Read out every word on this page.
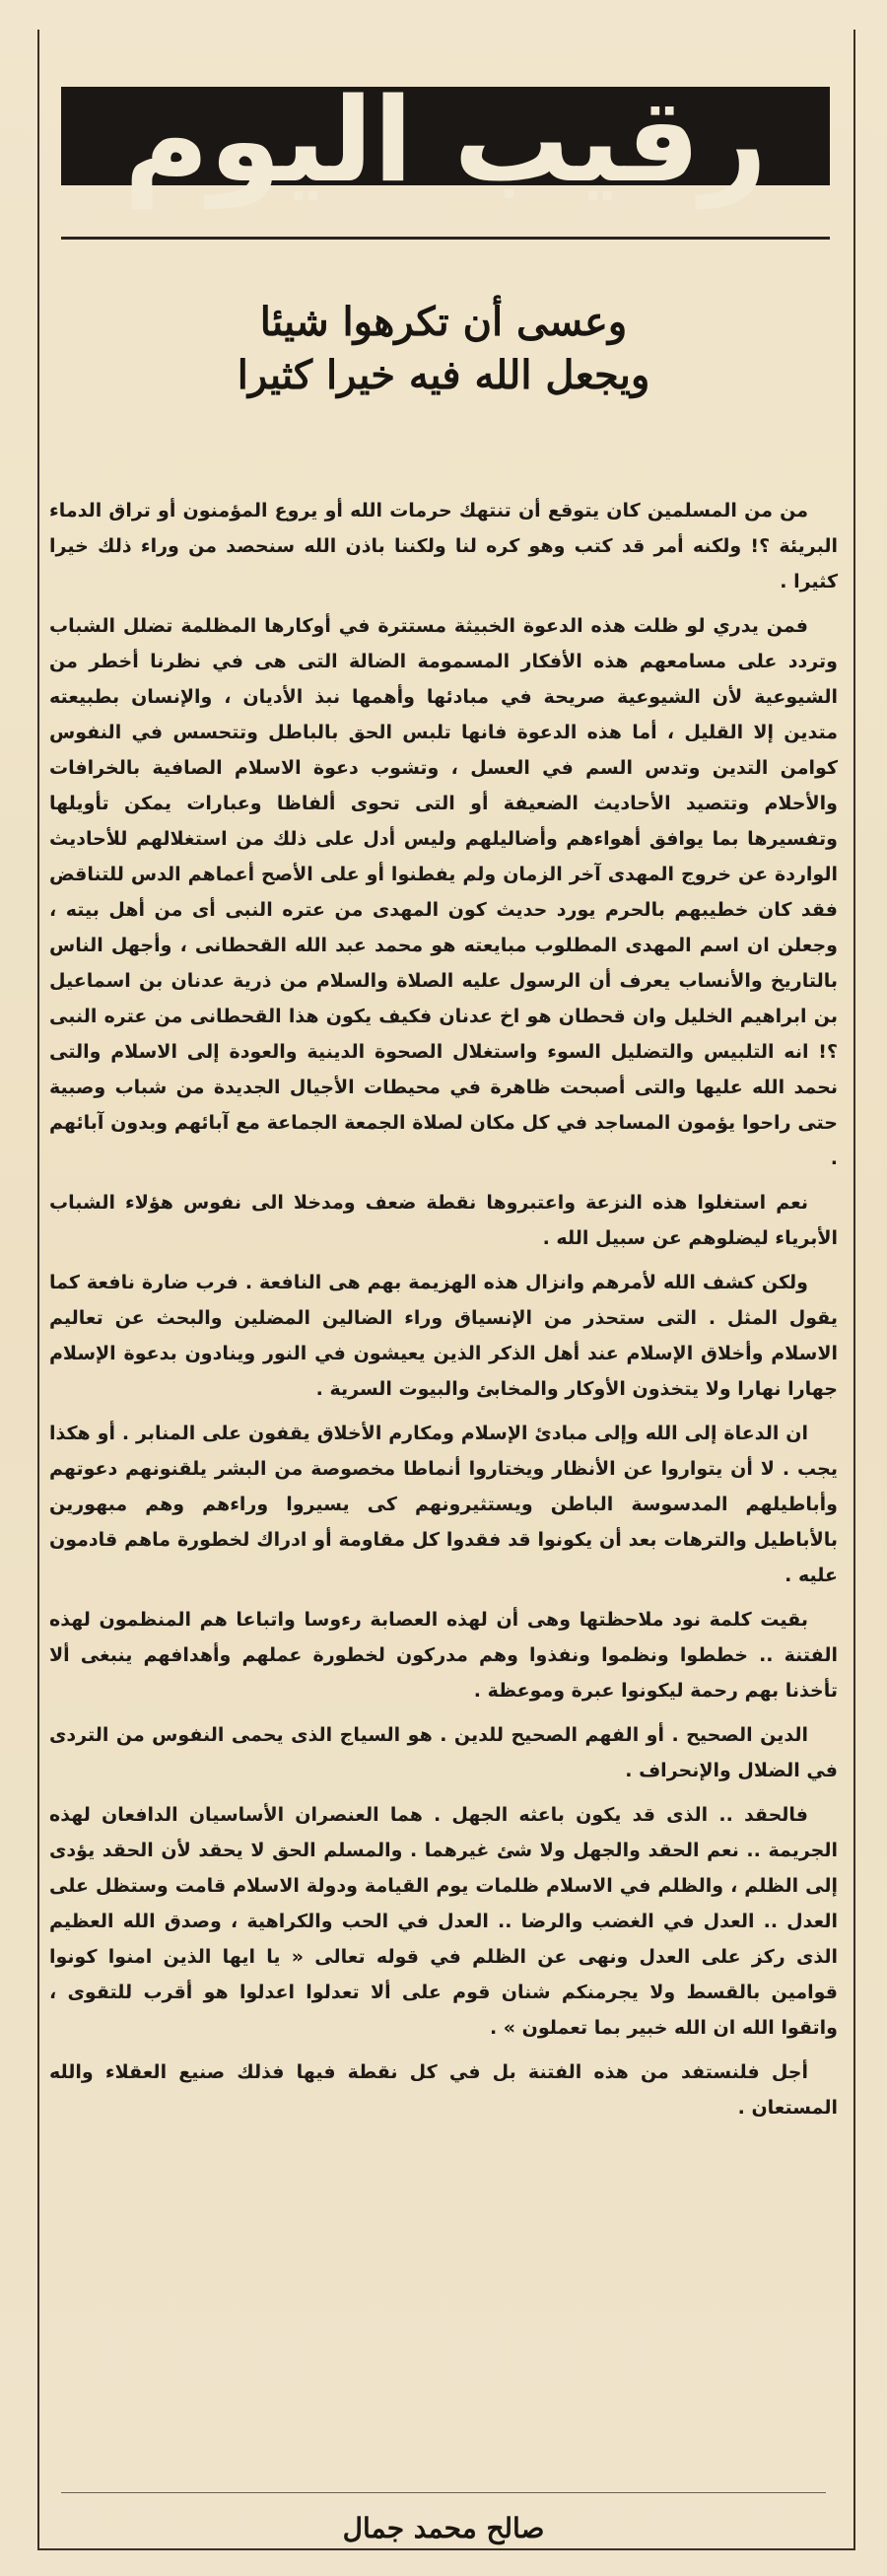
رقيب اليوم
وعسى أن تكرهوا شيئا
ويجعل الله فيه خيرا كثيرا

من من المسلمين كان يتوقع أن تنتهك حرمات الله أو يروع المؤمنون أو تراق الدماء البريئة ؟! ولكنه أمر قد كتب وهو كره لنا ولكننا باذن الله سنحصد من وراء ذلك خيرا كثيرا .

فمن يدري لو ظلت هذه الدعوة الخبيثة مستترة في أوكارها المظلمة تضلل الشباب وتردد على مسامعهم هذه الأفكار المسمومة الضالة التى هى في نظرنا أخطر من الشيوعية لأن الشيوعية صريحة في مبادئها وأهمها نبذ الأديان ، والإنسان بطبيعته متدين إلا القليل ، أما هذه الدعوة فانها تلبس الحق بالباطل وتتحسس في النفوس كوامن التدين وتدس السم في العسل ، وتشوب دعوة الاسلام الصافية بالخرافات والأحلام وتتصيد الأحاديث الضعيفة أو التى تحوى ألفاظا وعبارات يمكن تأويلها وتفسيرها بما يوافق أهواءهم وأضاليلهم وليس أدل على ذلك من استغلالهم للأحاديث الواردة عن خروج المهدى آخر الزمان ولم يفطنوا أو على الأصح أعماهم الدس للتناقض فقد كان خطيبهم بالحرم يورد حديث كون المهدى من عتره النبى أى من أهل بيته ، وجعلن ان اسم المهدى المطلوب مبايعته هو محمد عبد الله القحطانى ، وأجهل الناس بالتاريخ والأنساب يعرف أن الرسول عليه الصلاة والسلام من ذرية عدنان بن اسماعيل بن ابراهيم الخليل وان قحطان هو اخ عدنان فكيف يكون هذا القحطانى من عتره النبى ؟! انه التلبيس والتضليل السوء واستغلال الصحوة الدينية والعودة إلى الاسلام والتى نحمد الله عليها والتى أصبحت ظاهرة في محيطات الأجيال الجديدة من شباب وصبية حتى راحوا يؤمون المساجد في كل مكان لصلاة الجمعة الجماعة مع آبائهم وبدون آبائهم .

نعم استغلوا هذه النزعة واعتبروها نقطة ضعف ومدخلا الى نفوس هؤلاء الشباب الأبرياء ليضلوهم عن سبيل الله .

ولكن كشف الله لأمرهم وانزال هذه الهزيمة بهم هى النافعة . فرب ضارة نافعة كما يقول المثل . التى ستحذر من الإنسياق وراء الضالين المضلين والبحث عن تعاليم الاسلام وأخلاق الإسلام عند أهل الذكر الذين يعيشون في النور وينادون بدعوة الإسلام جهارا نهارا ولا يتخذون الأوكار والمخابئ والبيوت السرية .

ان الدعاة إلى الله وإلى مبادئ الإسلام ومكارم الأخلاق يقفون على المنابر . أو هكذا يجب . لا أن يتواروا عن الأنظار ويختاروا أنماطا مخصوصة من البشر يلقنونهم دعوتهم وأباطيلهم المدسوسة الباطن ويستثيرونهم كى يسيروا وراءهم وهم مبهورين بالأباطيل والترهات بعد أن يكونوا قد فقدوا كل مقاومة أو ادراك لخطورة ماهم قادمون عليه .

بقيت كلمة نود ملاحظتها وهى أن لهذه العصابة رءوسا واتباعا هم المنظمون لهذه الفتنة .. خططوا ونظموا ونفذوا وهم مدركون لخطورة عملهم وأهدافهم ينبغى ألا تأخذنا بهم رحمة ليكونوا عبرة وموعظة .

الدين الصحيح . أو الفهم الصحيح للدين . هو السياج الذى يحمى النفوس من التردى في الضلال والإنحراف .

فالحقد .. الذى قد يكون باعثه الجهل . هما العنصران الأساسيان الدافعان لهذه الجريمة .. نعم الحقد والجهل ولا شئ غيرهما . والمسلم الحق لا يحقد لأن الحقد يؤدى إلى الظلم ، والظلم في الاسلام ظلمات يوم القيامة ودولة الاسلام قامت وستظل على العدل .. العدل في الغضب والرضا .. العدل في الحب والكراهية ، وصدق الله العظيم الذى ركز على العدل ونهى عن الظلم في قوله تعالى « يا ايها الذين امنوا كونوا قوامين بالقسط ولا يجرمنكم شنان قوم على ألا تعدلوا اعدلوا هو أقرب للتقوى ، واتقوا الله ان الله خبير بما تعملون » .

أجل فلنستفد من هذه الفتنة بل في كل نقطة فيها فذلك صنيع العقلاء والله المستعان .

صالح محمد جمال
